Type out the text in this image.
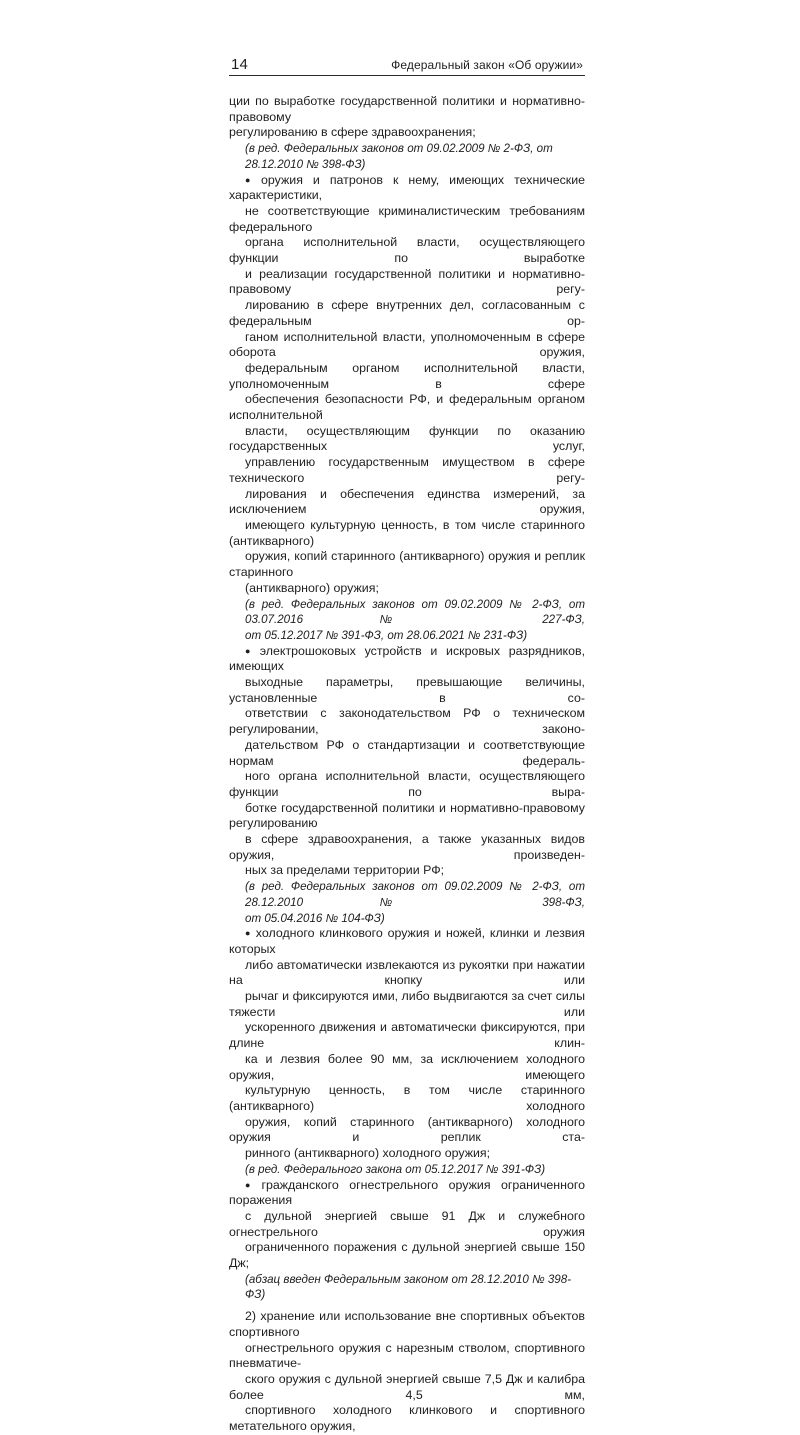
14	Федеральный закон «Об оружии»
ции по выработке государственной политики и нормативно-правовому
регулированию в сфере здравоохранения;
(в ред. Федеральных законов от 09.02.2009 № 2-ФЗ, от 28.12.2010 № 398-ФЗ)
● оружия и патронов к нему, имеющих технические характеристики,
не соответствующие криминалистическим требованиям федерального
органа исполнительной власти, осуществляющего функции по выработке
и реализации государственной политики и нормативно-правовому регу-
лированию в сфере внутренних дел, согласованным с федеральным ор-
ганом исполнительной власти, уполномоченным в сфере оборота оружия,
федеральным органом исполнительной власти, уполномоченным в сфере
обеспечения безопасности РФ, и федеральным органом исполнительной
власти, осуществляющим функции по оказанию государственных услуг,
управлению государственным имуществом в сфере технического регу-
лирования и обеспечения единства измерений, за исключением оружия,
имеющего культурную ценность, в том числе старинного (антикварного)
оружия, копий старинного (антикварного) оружия и реплик старинного
(антикварного) оружия;
(в ред. Федеральных законов от 09.02.2009 № 2-ФЗ, от 03.07.2016 № 227-ФЗ,
от 05.12.2017 № 391-ФЗ, от 28.06.2021 № 231-ФЗ)
● электрошоковых устройств и искровых разрядников, имеющих
выходные параметры, превышающие величины, установленные в со-
ответствии с законодательством РФ о техническом регулировании, законо-
дательством РФ о стандартизации и соответствующие нормам федераль-
ного органа исполнительной власти, осуществляющего функции по выра-
ботке государственной политики и нормативно-правовому регулированию
в сфере здравоохранения, а также указанных видов оружия, произведен-
ных за пределами территории РФ;
(в ред. Федеральных законов от 09.02.2009 № 2-ФЗ, от 28.12.2010 № 398-ФЗ,
от 05.04.2016 № 104-ФЗ)
● холодного клинкового оружия и ножей, клинки и лезвия которых
либо автоматически извлекаются из рукоятки при нажатии на кнопку или
рычаг и фиксируются ими, либо выдвигаются за счет силы тяжести или
ускоренного движения и автоматически фиксируются, при длине клин-
ка и лезвия более 90 мм, за исключением холодного оружия, имеющего
культурную ценность, в том числе старинного (антикварного) холодного
оружия, копий старинного (антикварного) холодного оружия и реплик ста-
ринного (антикварного) холодного оружия;
(в ред. Федерального закона от 05.12.2017 № 391-ФЗ)
● гражданского огнестрельного оружия ограниченного поражения
с дульной энергией свыше 91 Дж и служебного огнестрельного оружия
ограниченного поражения с дульной энергией свыше 150 Дж;
(абзац введен Федеральным законом от 28.12.2010 № 398-ФЗ)
2) хранение или использование вне спортивных объектов спортивного
огнестрельного оружия с нарезным стволом, спортивного пневматиче-
ского оружия с дульной энергией свыше 7,5 Дж и калибра более 4,5 мм,
спортивного холодного клинкового и спортивного метательного оружия,
